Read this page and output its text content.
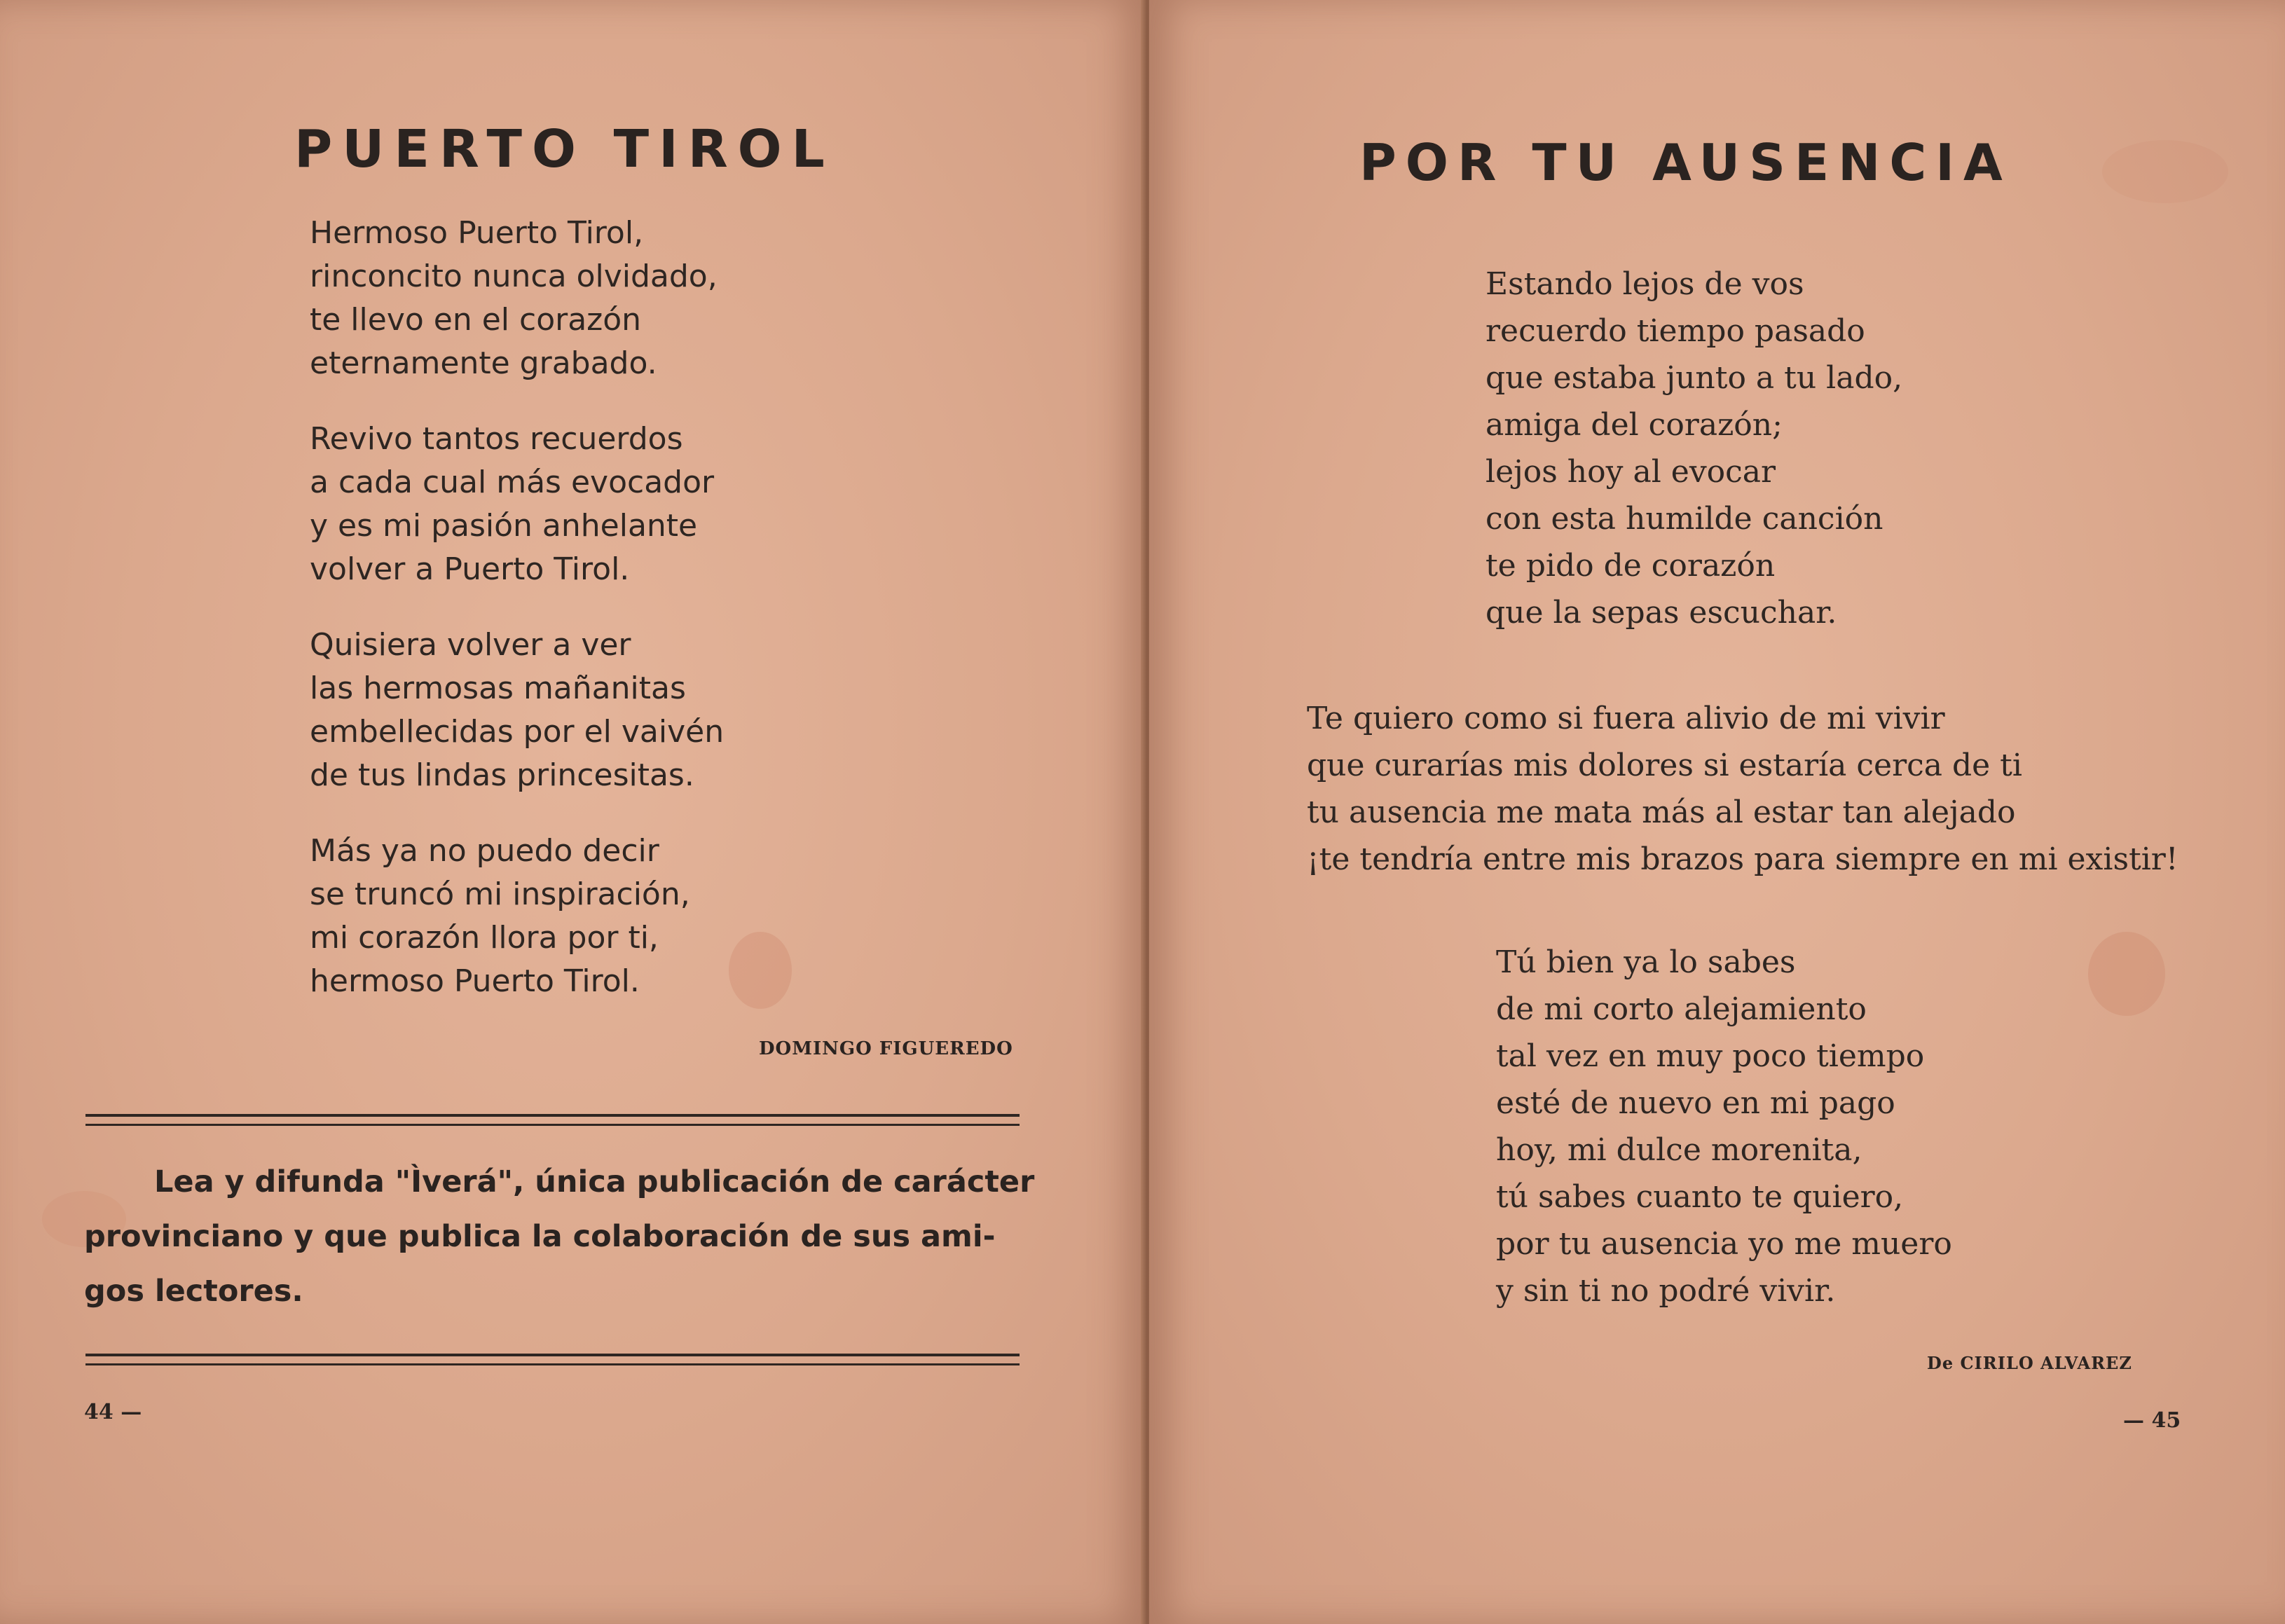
PUERTO TIROL
Hermoso Puerto Tirol,
rinconcito nunca olvidado,
te llevo en el corazón
eternamente grabado.
Revivo tantos recuerdos
a cada cual más evocador
y es mi pasión anhelante
volver a Puerto Tirol.
Quisiera volver a ver
las hermosas mañanitas
embellecidas por el vaivén
de tus lindas princesitas.
Más ya no puedo decir
se truncó mi inspiración,
mi corazón llora por ti,
hermoso Puerto Tirol.
DOMINGO FIGUEREDO
Lea y difunda "Ìverá", única publicación de carácter
provinciano y que publica la colaboración de sus ami-
gos lectores.
44 —
POR TU AUSENCIA
Estando lejos de vos
recuerdo tiempo pasado
que estaba junto a tu lado,
amiga del corazón;
lejos hoy al evocar
con esta humilde canción
te pido de corazón
que la sepas escuchar.
Te quiero como si fuera alivio de mi vivir
que curarías mis dolores si estaría cerca de ti
tu ausencia me mata más al estar tan alejado
¡te tendría entre mis brazos para siempre en mi existir!
Tú bien ya lo sabes
de mi corto alejamiento
tal vez en muy poco tiempo
esté de nuevo en mi pago
hoy, mi dulce morenita,
tú sabes cuanto te quiero,
por tu ausencia yo me muero
y sin ti no podré vivir.
De CIRILO ALVAREZ
— 45
